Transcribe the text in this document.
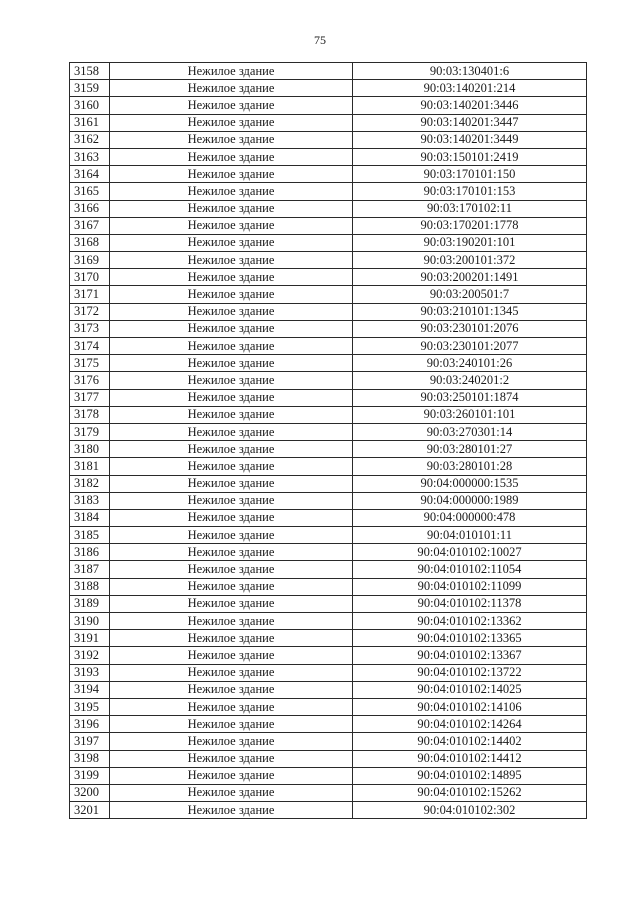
75
3158	Нежилое здание	90:03:130401:6
3159	Нежилое здание	90:03:140201:214
3160	Нежилое здание	90:03:140201:3446
3161	Нежилое здание	90:03:140201:3447
3162	Нежилое здание	90:03:140201:3449
3163	Нежилое здание	90:03:150101:2419
3164	Нежилое здание	90:03:170101:150
3165	Нежилое здание	90:03:170101:153
3166	Нежилое здание	90:03:170102:11
3167	Нежилое здание	90:03:170201:1778
3168	Нежилое здание	90:03:190201:101
3169	Нежилое здание	90:03:200101:372
3170	Нежилое здание	90:03:200201:1491
3171	Нежилое здание	90:03:200501:7
3172	Нежилое здание	90:03:210101:1345
3173	Нежилое здание	90:03:230101:2076
3174	Нежилое здание	90:03:230101:2077
3175	Нежилое здание	90:03:240101:26
3176	Нежилое здание	90:03:240201:2
3177	Нежилое здание	90:03:250101:1874
3178	Нежилое здание	90:03:260101:101
3179	Нежилое здание	90:03:270301:14
3180	Нежилое здание	90:03:280101:27
3181	Нежилое здание	90:03:280101:28
3182	Нежилое здание	90:04:000000:1535
3183	Нежилое здание	90:04:000000:1989
3184	Нежилое здание	90:04:000000:478
3185	Нежилое здание	90:04:010101:11
3186	Нежилое здание	90:04:010102:10027
3187	Нежилое здание	90:04:010102:11054
3188	Нежилое здание	90:04:010102:11099
3189	Нежилое здание	90:04:010102:11378
3190	Нежилое здание	90:04:010102:13362
3191	Нежилое здание	90:04:010102:13365
3192	Нежилое здание	90:04:010102:13367
3193	Нежилое здание	90:04:010102:13722
3194	Нежилое здание	90:04:010102:14025
3195	Нежилое здание	90:04:010102:14106
3196	Нежилое здание	90:04:010102:14264
3197	Нежилое здание	90:04:010102:14402
3198	Нежилое здание	90:04:010102:14412
3199	Нежилое здание	90:04:010102:14895
3200	Нежилое здание	90:04:010102:15262
3201	Нежилое здание	90:04:010102:302
